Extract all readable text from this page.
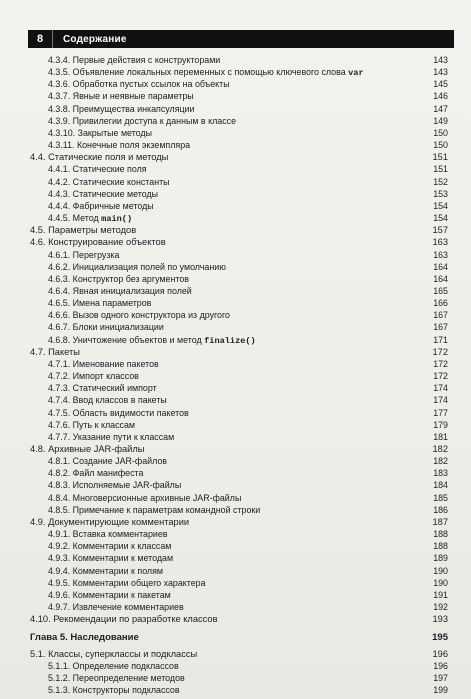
8	Содержание
4.3.4. Первые действия с конструкторами	143
4.3.5. Объявление локальных переменных с помощью ключевого слова var	143
4.3.6. Обработка пустых ссылок на объекты	145
4.3.7. Явные и неявные параметры	146
4.3.8. Преимущества инкапсуляции	147
4.3.9. Привилегии доступа к данным в классе	149
4.3.10. Закрытые методы	150
4.3.11. Конечные поля экземпляра	150
4.4. Статические поля и методы	151
4.4.1. Статические поля	151
4.4.2. Статические константы	152
4.4.3. Статические методы	153
4.4.4. Фабричные методы	154
4.4.5. Метод main()	154
4.5. Параметры методов	157
4.6. Конструирование объектов	163
4.6.1. Перегрузка	163
4.6.2. Инициализация полей по умолчанию	164
4.6.3. Конструктор без аргументов	164
4.6.4. Явная инициализация полей	165
4.6.5. Имена параметров	166
4.6.6. Вызов одного конструктора из другого	167
4.6.7. Блоки инициализации	167
4.6.8. Уничтожение объектов и метод finalize()	171
4.7. Пакеты	172
4.7.1. Именование пакетов	172
4.7.2. Импорт классов	172
4.7.3. Статический импорт	174
4.7.4. Ввод классов в пакеты	174
4.7.5. Область видимости пакетов	177
4.7.6. Путь к классам	179
4.7.7. Указание пути к классам	181
4.8. Архивные JAR-файлы	182
4.8.1. Создание JAR-файлов	182
4.8.2. Файл манифеста	183
4.8.3. Исполняемые JAR-файлы	184
4.8.4. Многоверсионные архивные JAR-файлы	185
4.8.5. Примечание к параметрам командной строки	186
4.9. Документирующие комментарии	187
4.9.1. Вставка комментариев	188
4.9.2. Комментарии к классам	188
4.9.3. Комментарии к методам	189
4.9.4. Комментарии к полям	190
4.9.5. Комментарии общего характера	190
4.9.6. Комментарии к пакетам	191
4.9.7. Извлечение комментариев	192
4.10. Рекомендации по разработке классов	193
Глава 5. Наследование	195
5.1. Классы, суперклассы и подклассы	196
5.1.1. Определение подклассов	196
5.1.2. Переопределение методов	197
5.1.3. Конструкторы подклассов	199
